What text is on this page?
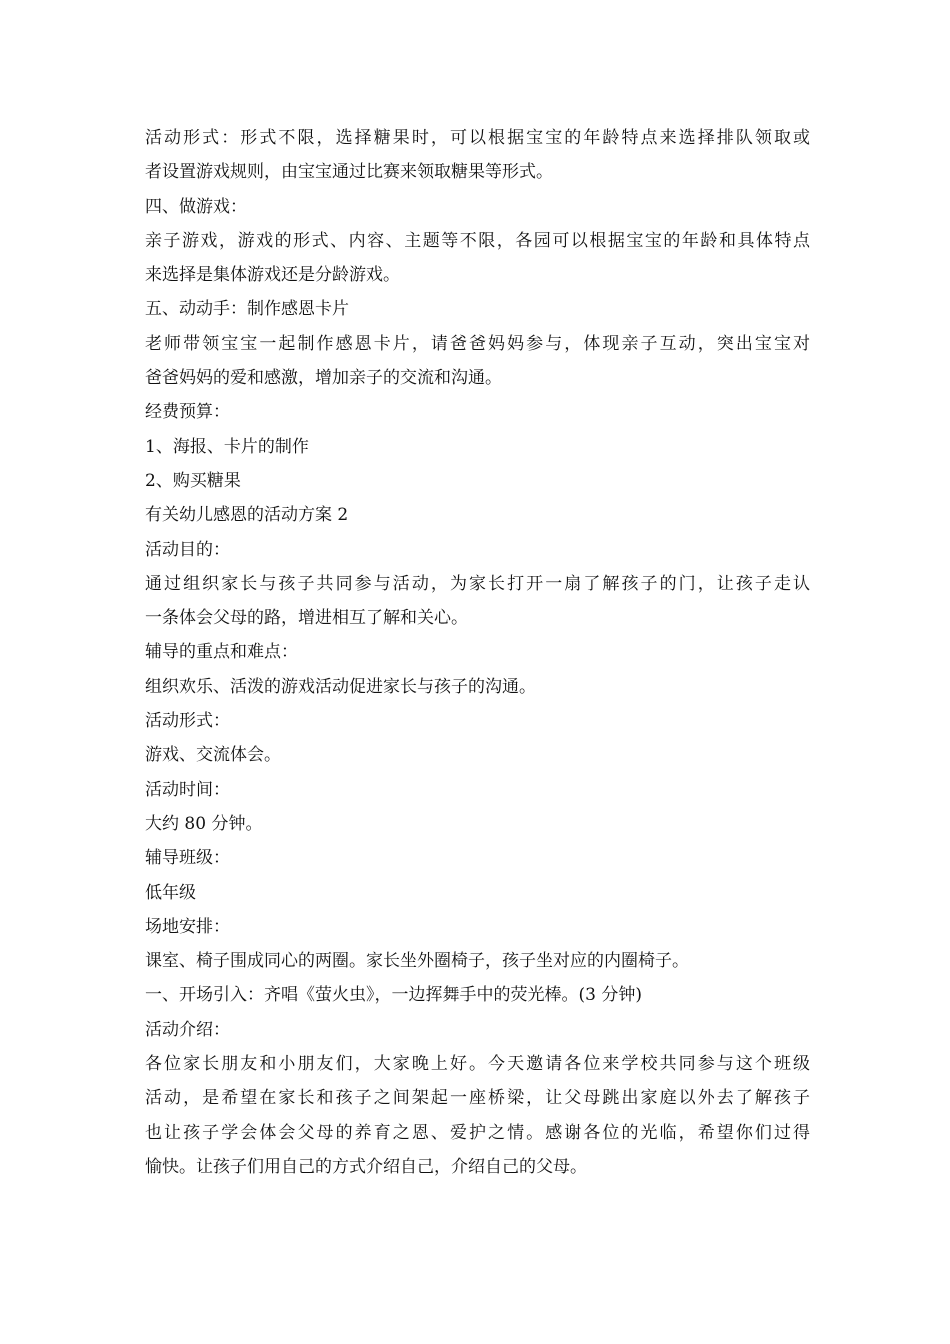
活动形式：形式不限，选择糖果时，可以根据宝宝的年龄特点来选择排队领取或
者设置游戏规则，由宝宝通过比赛来领取糖果等形式。
四、做游戏：
亲子游戏，游戏的形式、内容、主题等不限，各园可以根据宝宝的年龄和具体特点
来选择是集体游戏还是分龄游戏。
五、动动手：制作感恩卡片
老师带领宝宝一起制作感恩卡片，请爸爸妈妈参与，体现亲子互动，突出宝宝对
爸爸妈妈的爱和感激，增加亲子的交流和沟通。
经费预算：
1、海报、卡片的制作
2、购买糖果
有关幼儿感恩的活动方案 2
活动目的：
通过组织家长与孩子共同参与活动，为家长打开一扇了解孩子的门，让孩子走认
一条体会父母的路，增进相互了解和关心。
辅导的重点和难点：
组织欢乐、活泼的游戏活动促进家长与孩子的沟通。
活动形式：
游戏、交流体会。
活动时间：
大约 80 分钟。
辅导班级：
低年级
场地安排：
课室、椅子围成同心的两圈。家长坐外圈椅子，孩子坐对应的内圈椅子。
一、开场引入：齐唱《萤火虫》，一边挥舞手中的荧光棒。(3 分钟)
活动介绍：
各位家长朋友和小朋友们，大家晚上好。今天邀请各位来学校共同参与这个班级
活动，是希望在家长和孩子之间架起一座桥梁，让父母跳出家庭以外去了解孩子
也让孩子学会体会父母的养育之恩、爱护之情。感谢各位的光临，希望你们过得
愉快。让孩子们用自己的方式介绍自己，介绍自己的父母。
